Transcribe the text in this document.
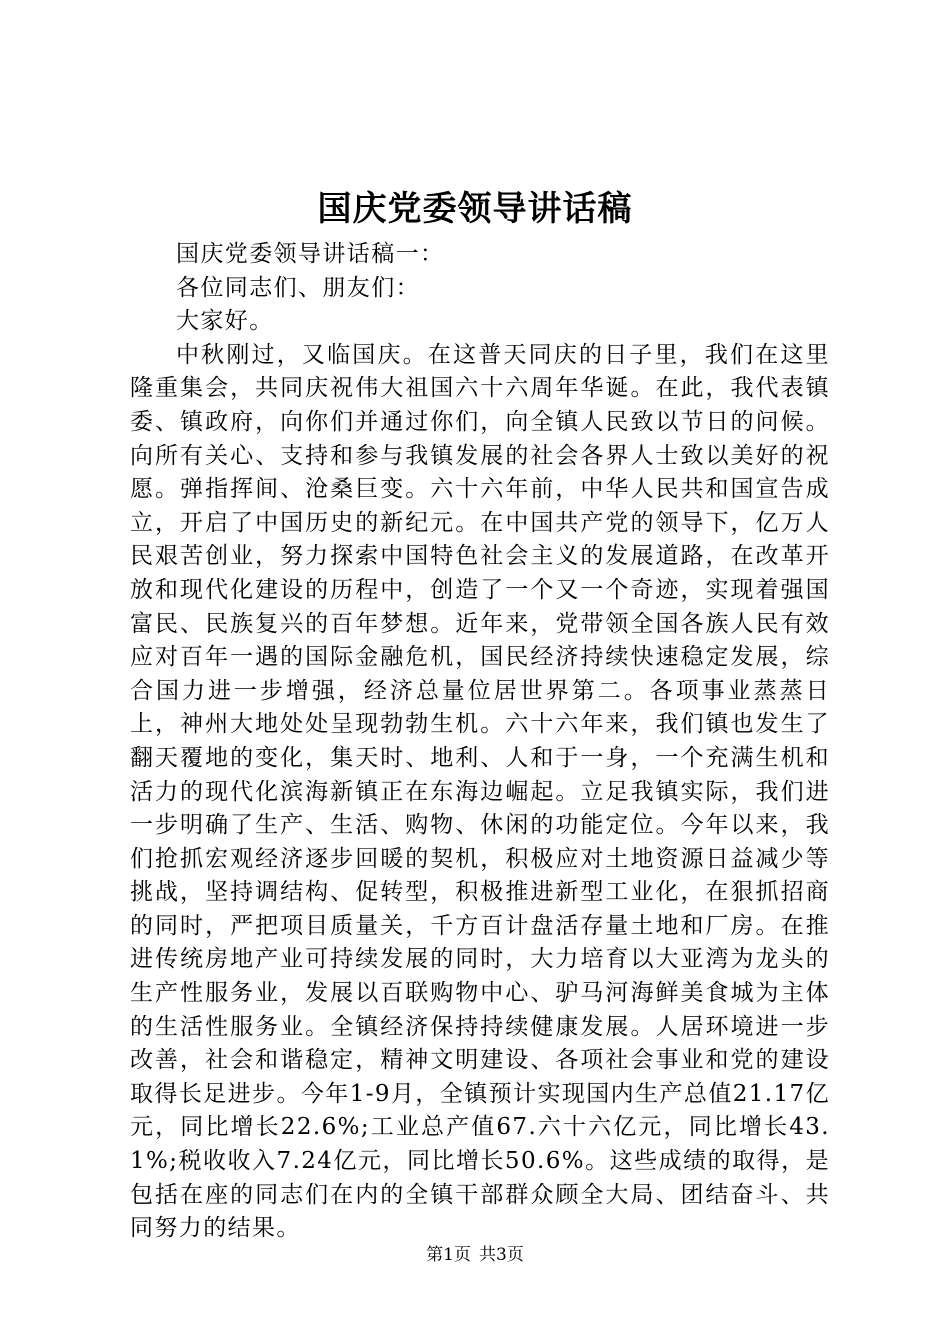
国庆党委领导讲话稿

国庆党委领导讲话稿一：

各位同志们、朋友们：

大家好。

中秋刚过，又临国庆。在这普天同庆的日子里，我们在这里隆重集会，共同庆祝伟大祖国六十六周年华诞。在此，我代表镇委、镇政府，向你们并通过你们，向全镇人民致以节日的问候。向所有关心、支持和参与我镇发展的社会各界人士致以美好的祝愿。弹指挥间、沧桑巨变。六十六年前，中华人民共和国宣告成立，开启了中国历史的新纪元。在中国共产党的领导下，亿万人民艰苦创业，努力探索中国特色社会主义的发展道路，在改革开放和现代化建设的历程中，创造了一个又一个奇迹，实现着强国富民、民族复兴的百年梦想。近年来，党带领全国各族人民有效应对百年一遇的国际金融危机，国民经济持续快速稳定发展，综合国力进一步增强，经济总量位居世界第二。各项事业蒸蒸日上，神州大地处处呈现勃勃生机。六十六年来，我们镇也发生了翻天覆地的变化，集天时、地利、人和于一身，一个充满生机和活力的现代化滨海新镇正在东海边崛起。立足我镇实际，我们进一步明确了生产、生活、购物、休闲的功能定位。今年以来，我们抢抓宏观经济逐步回暖的契机，积极应对土地资源日益减少等挑战，坚持调结构、促转型，积极推进新型工业化，在狠抓招商的同时，严把项目质量关，千方百计盘活存量土地和厂房。在推进传统房地产业可持续发展的同时，大力培育以大亚湾为龙头的生产性服务业，发展以百联购物中心、驴马河海鲜美食城为主体的生活性服务业。全镇经济保持持续健康发展。人居环境进一步改善，社会和谐稳定，精神文明建设、各项社会事业和党的建设取得长足进步。今年1-9月，全镇预计实现国内生产总值21.17亿元，同比增长22.6%;工业总产值67.六十六亿元，同比增长43.1%;税收收入7.24亿元，同比增长50.6%。这些成绩的取得，是包括在座的同志们在内的全镇干部群众顾全大局、团结奋斗、共同努力的结果。

第1页 共3页
